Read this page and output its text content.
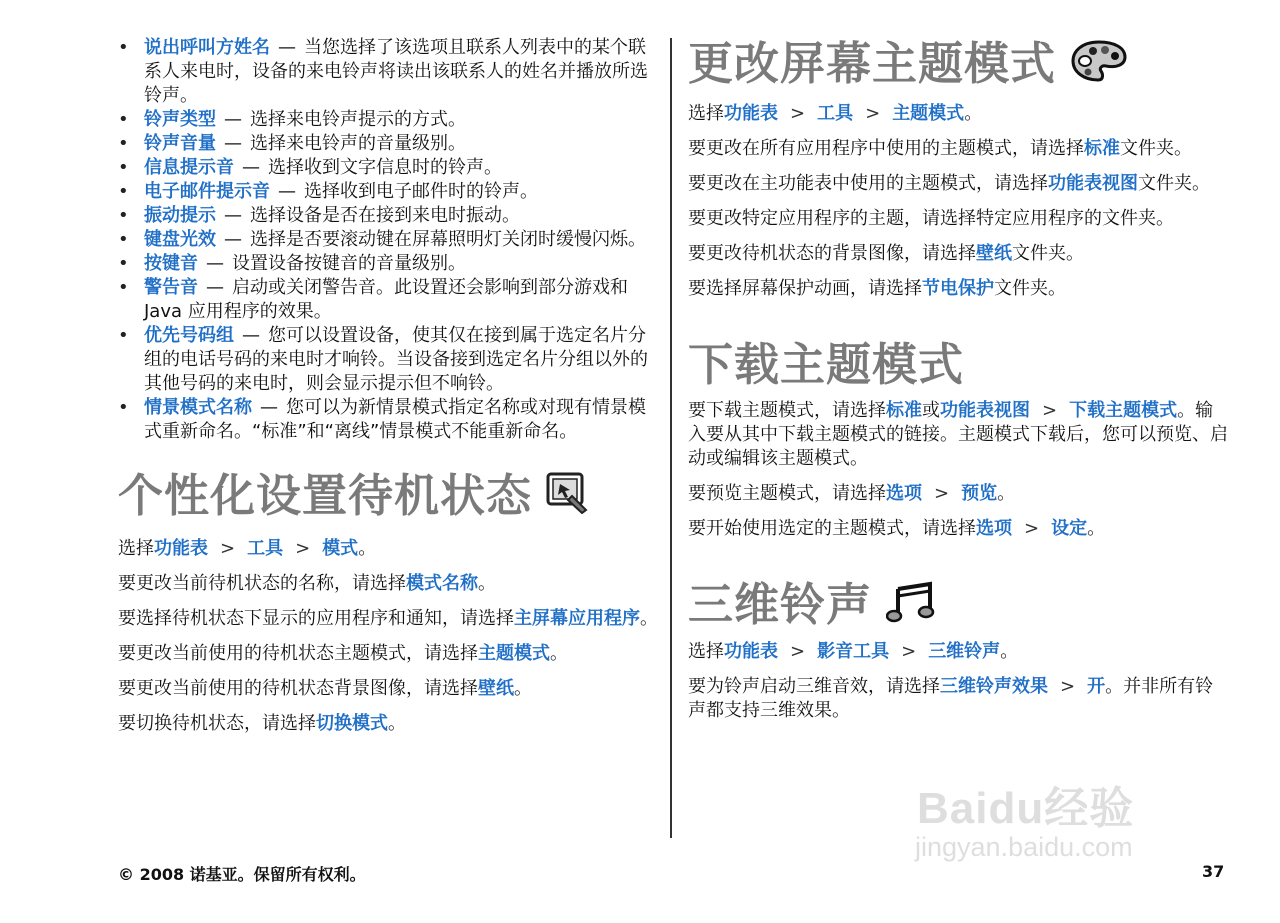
• 说出呼叫方姓名 — 当您选择了该选项且联系人列表中的某个联系人来电时，设备的来电铃声将读出该联系人的姓名并播放所选铃声。
• 铃声类型 — 选择来电铃声提示的方式。
• 铃声音量 — 选择来电铃声的音量级别。
• 信息提示音 — 选择收到文字信息时的铃声。
• 电子邮件提示音 — 选择收到电子邮件时的铃声。
• 振动提示 — 选择设备是否在接到来电时振动。
• 键盘光效 — 选择是否要滚动键在屏幕照明灯关闭时缓慢闪烁。
• 按键音 — 设置设备按键音的音量级别。
• 警告音 — 启动或关闭警告音。此设置还会影响到部分游戏和 Java 应用程序的效果。
• 优先号码组 — 您可以设置设备，使其仅在接到属于选定名片分组的电话号码的来电时才响铃。当设备接到选定名片分组以外的其他号码的来电时，则会显示提示但不响铃。
• 情景模式名称 — 您可以为新情景模式指定名称或对现有情景模式重新命名。“标准”和“离线”情景模式不能重新命名。
个性化设置待机状态

选择功能表 > 工具 > 模式。

要更改当前待机状态的名称，请选择模式名称。

要选择待机状态下显示的应用程序和通知，请选择主屏幕应用程序。

要更改当前使用的待机状态主题模式，请选择主题模式。

要更改当前使用的待机状态背景图像，请选择壁纸。

要切换待机状态，请选择切换模式。

更改屏幕主题模式

选择功能表 > 工具 > 主题模式。

要更改在所有应用程序中使用的主题模式，请选择标准文件夹。

要更改在主功能表中使用的主题模式，请选择功能表视图文件夹。

要更改特定应用程序的主题，请选择特定应用程序的文件夹。

要更改待机状态的背景图像，请选择壁纸文件夹。

要选择屏幕保护动画，请选择节电保护文件夹。

下载主题模式

要下载主题模式，请选择标准或功能表视图 > 下载主题模式。输入要从其中下载主题模式的链接。主题模式下载后，您可以预览、启动或编辑该主题模式。

要预览主题模式，请选择选项 > 预览。

要开始使用选定的主题模式，请选择选项 > 设定。

三维铃声

选择功能表 > 影音工具 > 三维铃声。

要为铃声启动三维音效，请选择三维铃声效果 > 开。并非所有铃声都支持三维效果。

Baidu经验
jingyan.baidu.com
© 2008 诺基亚。保留所有权利。	37
